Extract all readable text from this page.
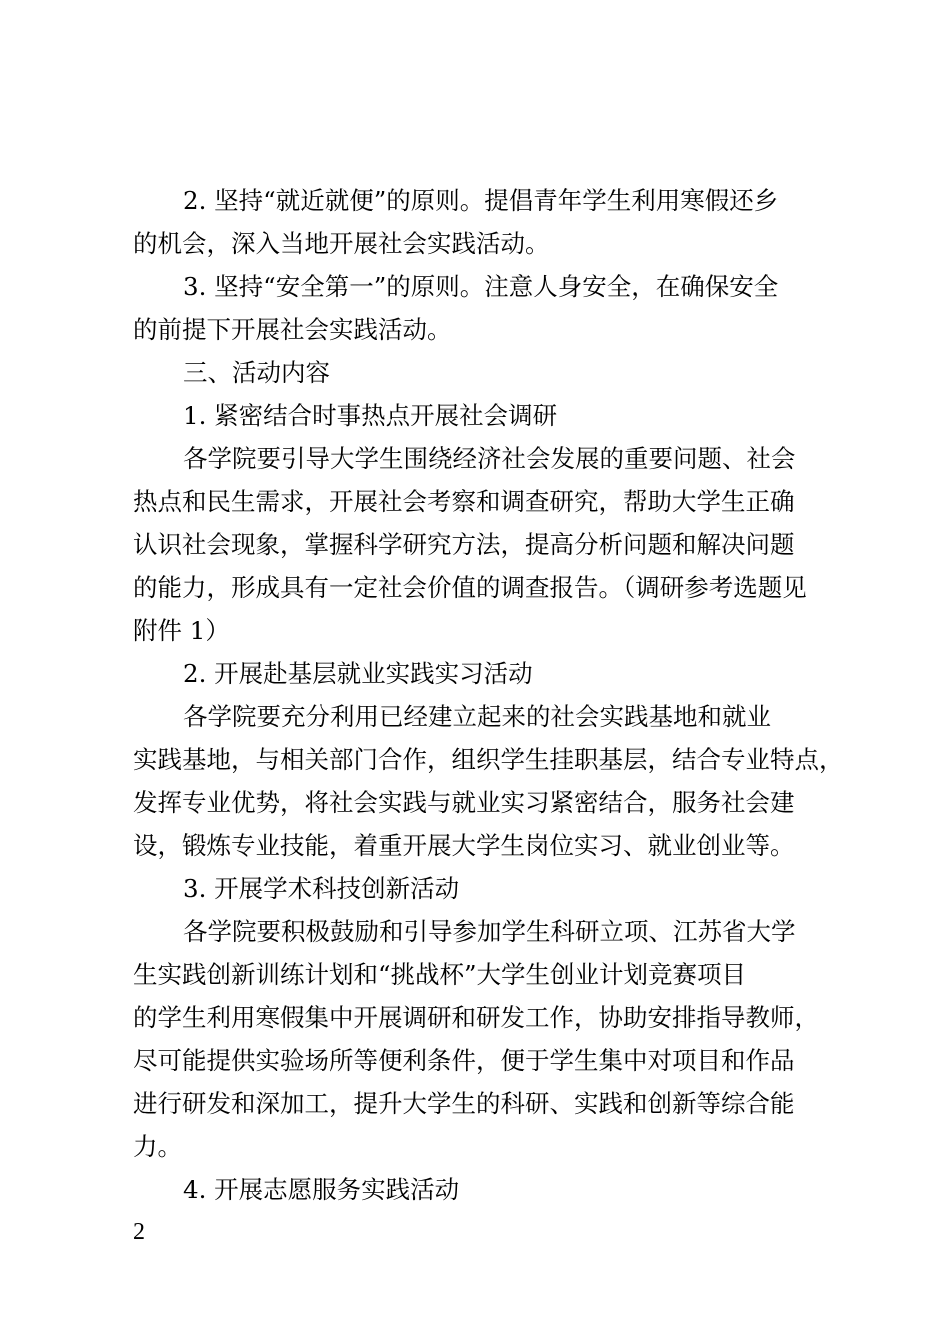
2. 坚持“就近就便”的原则。提倡青年学生利用寒假还乡
的机会，深入当地开展社会实践活动。
3. 坚持“安全第一”的原则。注意人身安全，在确保安全
的前提下开展社会实践活动。
三、活动内容
1. 紧密结合时事热点开展社会调研
各学院要引导大学生围绕经济社会发展的重要问题、社会
热点和民生需求，开展社会考察和调查研究，帮助大学生正确
认识社会现象，掌握科学研究方法，提高分析问题和解决问题
的能力，形成具有一定社会价值的调查报告。（调研参考选题见
附件 1）
2. 开展赴基层就业实践实习活动
各学院要充分利用已经建立起来的社会实践基地和就业
实践基地，与相关部门合作，组织学生挂职基层，结合专业特点，
发挥专业优势，将社会实践与就业实习紧密结合，服务社会建
设，锻炼专业技能，着重开展大学生岗位实习、就业创业等。
3. 开展学术科技创新活动
各学院要积极鼓励和引导参加学生科研立项、江苏省大学
生实践创新训练计划和“挑战杯”大学生创业计划竞赛项目
的学生利用寒假集中开展调研和研发工作，协助安排指导教师，
尽可能提供实验场所等便利条件，便于学生集中对项目和作品
进行研发和深加工，提升大学生的科研、实践和创新等综合能
力。
4. 开展志愿服务实践活动
2
